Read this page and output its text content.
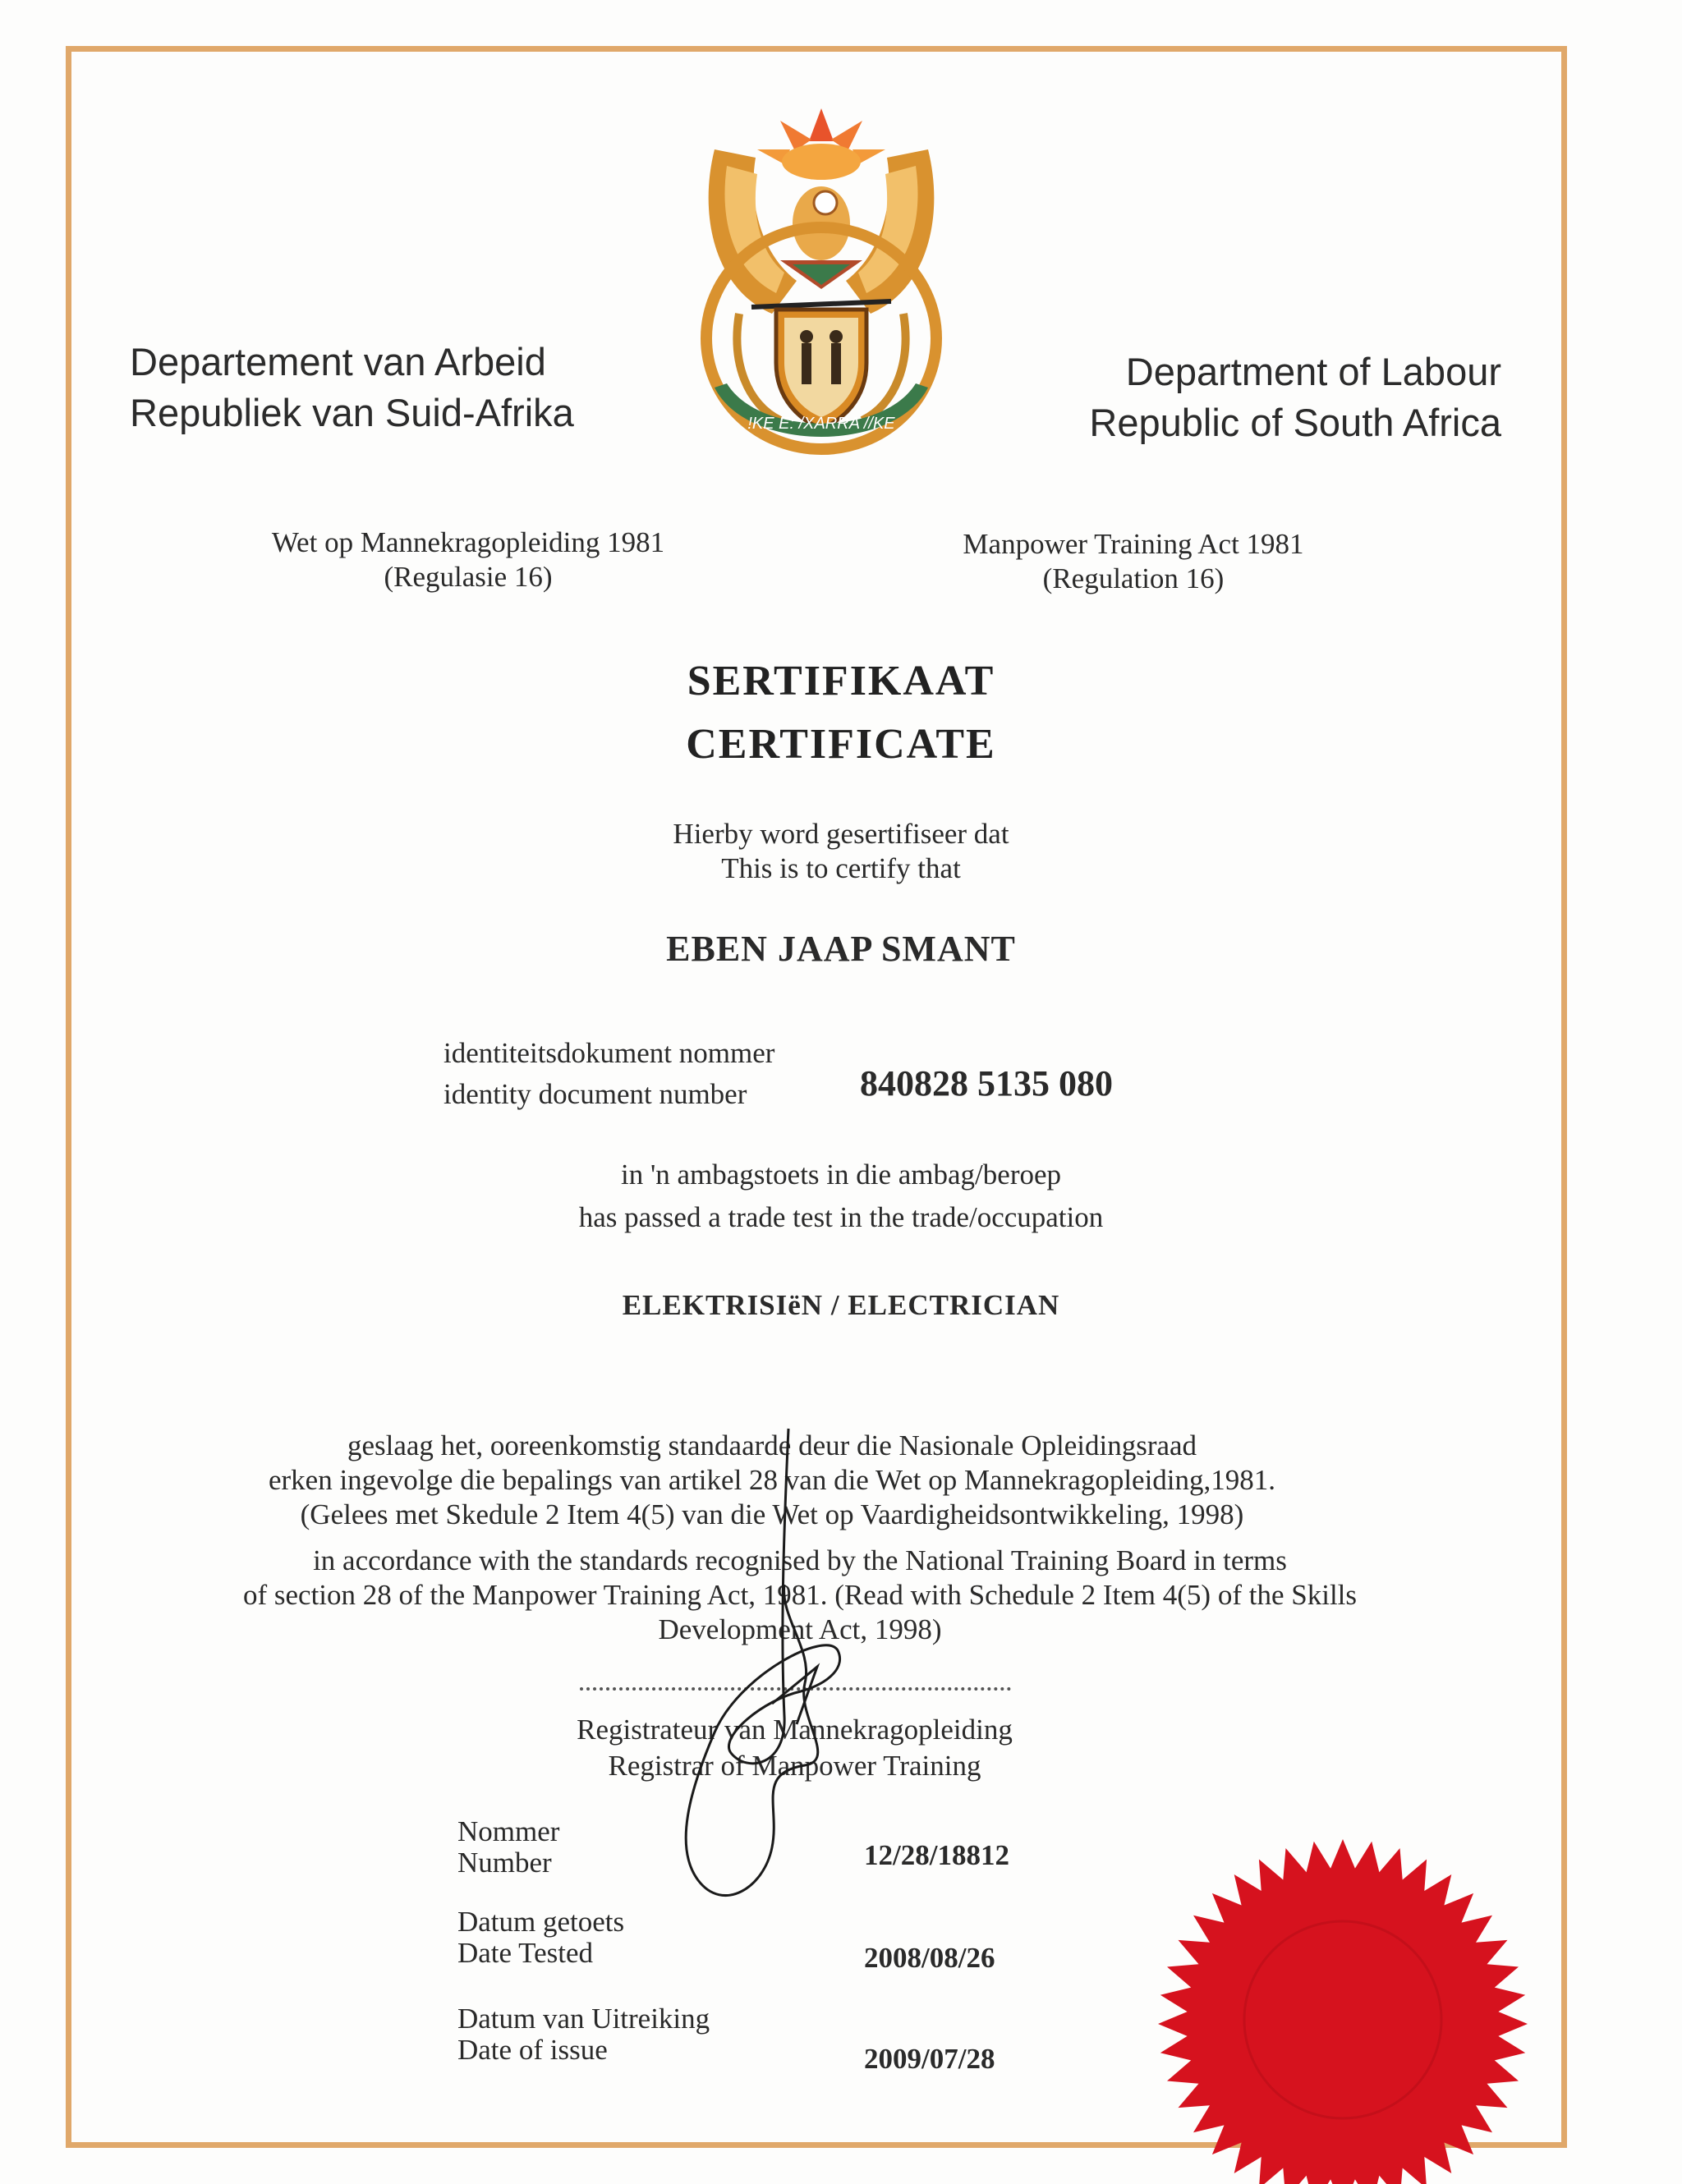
!KE E: /XARRA //KE
Departement van Arbeid
Republiek van Suid-Afrika
Department of Labour
Republic of South Africa
Wet op Mannekragopleiding 1981
(Regulasie 16)
Manpower Training Act 1981
(Regulation 16)
SERTIFIKAAT
CERTIFICATE
Hierby word gesertifiseer dat
This is to certify that
EBEN JAAP SMANT
identiteitsdokument nommer
identity document number	840828 5135 080
in 'n ambagstoets in die ambag/beroep
has passed a trade test in the trade/occupation
ELEKTRISIëN / ELECTRICIAN
geslaag het, ooreenkomstig standaarde deur die Nasionale Opleidingsraad
erken ingevolge die bepalings van artikel 28 van die Wet op Mannekragopleiding,1981.
(Gelees met Skedule 2 Item 4(5) van die Wet op Vaardigheidsontwikkeling, 1998)
in accordance with the standards recognised by the National Training Board in terms
of section 28 of the Manpower Training Act, 1981. (Read with Schedule 2 Item 4(5) of the Skills
Development Act, 1998)
Registrateur van Mannekragopleiding
Registrar of Manpower Training
Nommer
Number	12/28/18812
Datum getoets
Date Tested	2008/08/26
Datum van Uitreiking
Date of issue	2009/07/28
